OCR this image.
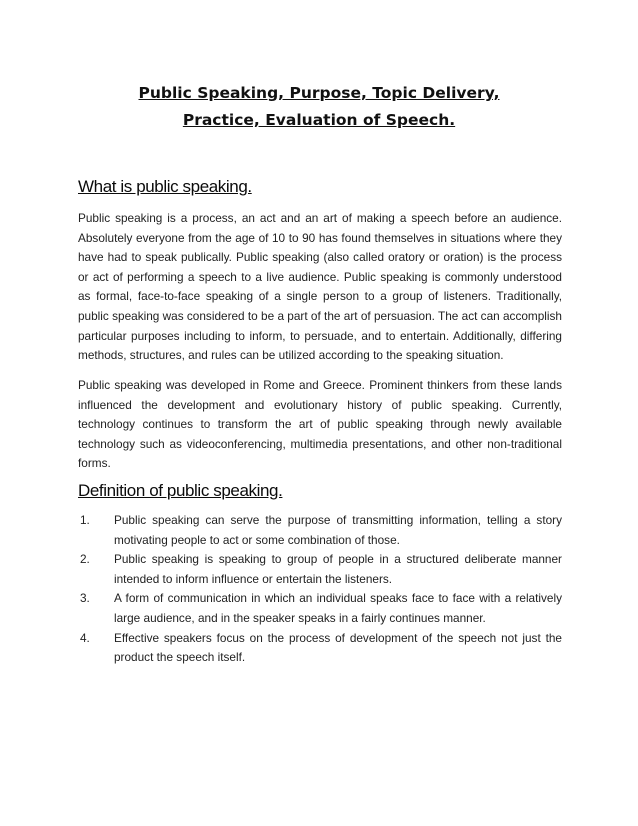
Public Speaking, Purpose, Topic Delivery,
Practice, Evaluation of Speech.
What is public speaking.

Public speaking is a process, an act and an art of making a speech before an audience. Absolutely everyone from the age of 10 to 90 has found themselves in situations where they have had to speak publically. Public speaking (also called oratory or oration) is the process or act of performing a speech to a live audience. Public speaking is commonly understood as formal, face-to-face speaking of a single person to a group of listeners. Traditionally, public speaking was considered to be a part of the art of persuasion. The act can accomplish particular purposes including to inform, to persuade, and to entertain. Additionally, differing methods, structures, and rules can be utilized according to the speaking situation.

Public speaking was developed in Rome and Greece. Prominent thinkers from these lands influenced the development and evolutionary history of public speaking. Currently, technology continues to transform the art of public speaking through newly available technology such as videoconferencing, multimedia presentations, and other non-traditional forms.

Definition of public speaking.
1.	Public speaking can serve the purpose of transmitting information, telling a story motivating people to act or some combination of those.
2.	Public speaking is speaking to group of people in a structured deliberate manner intended to inform influence or entertain the listeners.
3.	A form of communication in which an individual speaks face to face with a relatively large audience, and in the speaker speaks in a fairly continues manner.
4.	Effective speakers focus on the process of development of the speech not just the product the speech itself.
